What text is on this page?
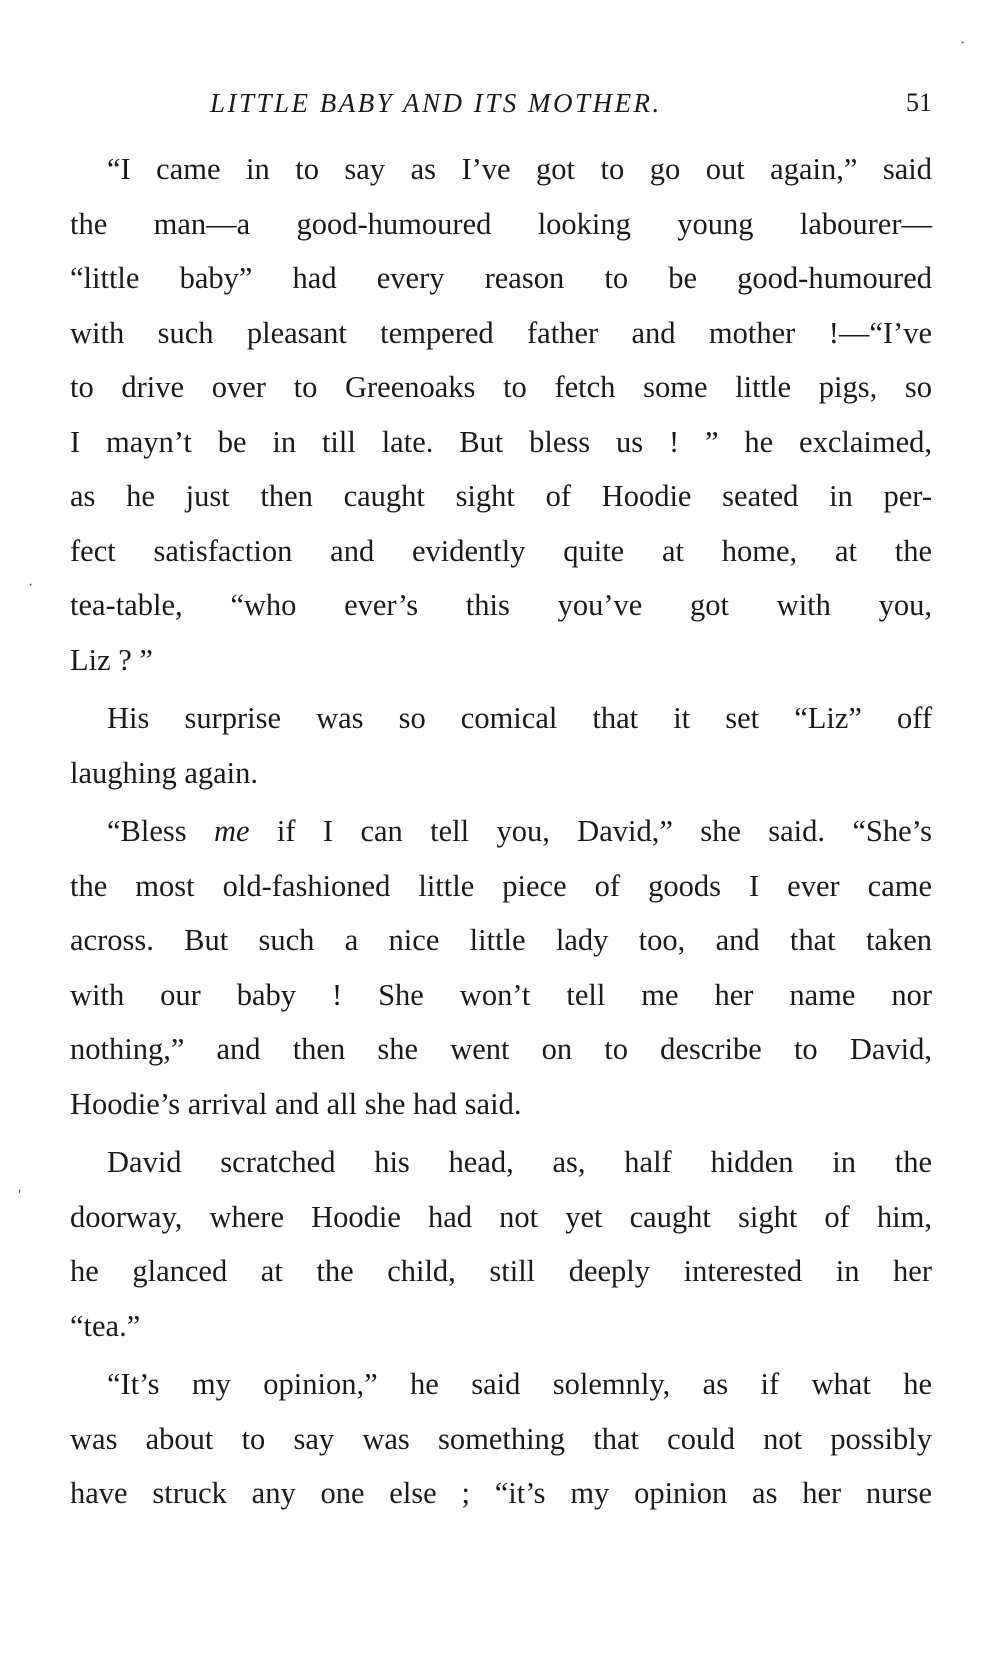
LITTLE BABY AND ITS MOTHER.	51
“I came in to say as I’ve got to go out again,” said
the man—a good-humoured looking young labourer—
“little baby” had every reason to be good-humoured
with such pleasant tempered father and mother !—“I’ve
to drive over to Greenoaks to fetch some little pigs, so
I mayn’t be in till late. But bless us ! ” he exclaimed,
as he just then caught sight of Hoodie seated in per-
fect satisfaction and evidently quite at home, at the
tea-table, “who ever’s this you’ve got with you,
Liz ? ”
His surprise was so comical that it set “Liz” off
laughing again.
“Bless me if I can tell you, David,” she said. “She’s
the most old-fashioned little piece of goods I ever came
across. But such a nice little lady too, and that taken
with our baby ! She won’t tell me her name nor
nothing,” and then she went on to describe to David,
Hoodie’s arrival and all she had said.
David scratched his head, as, half hidden in the
doorway, where Hoodie had not yet caught sight of him,
he glanced at the child, still deeply interested in her
“tea.”
“It’s my opinion,” he said solemnly, as if what he
was about to say was something that could not possibly
have struck any one else ; “it’s my opinion as her nurse
·
·
ʹ
